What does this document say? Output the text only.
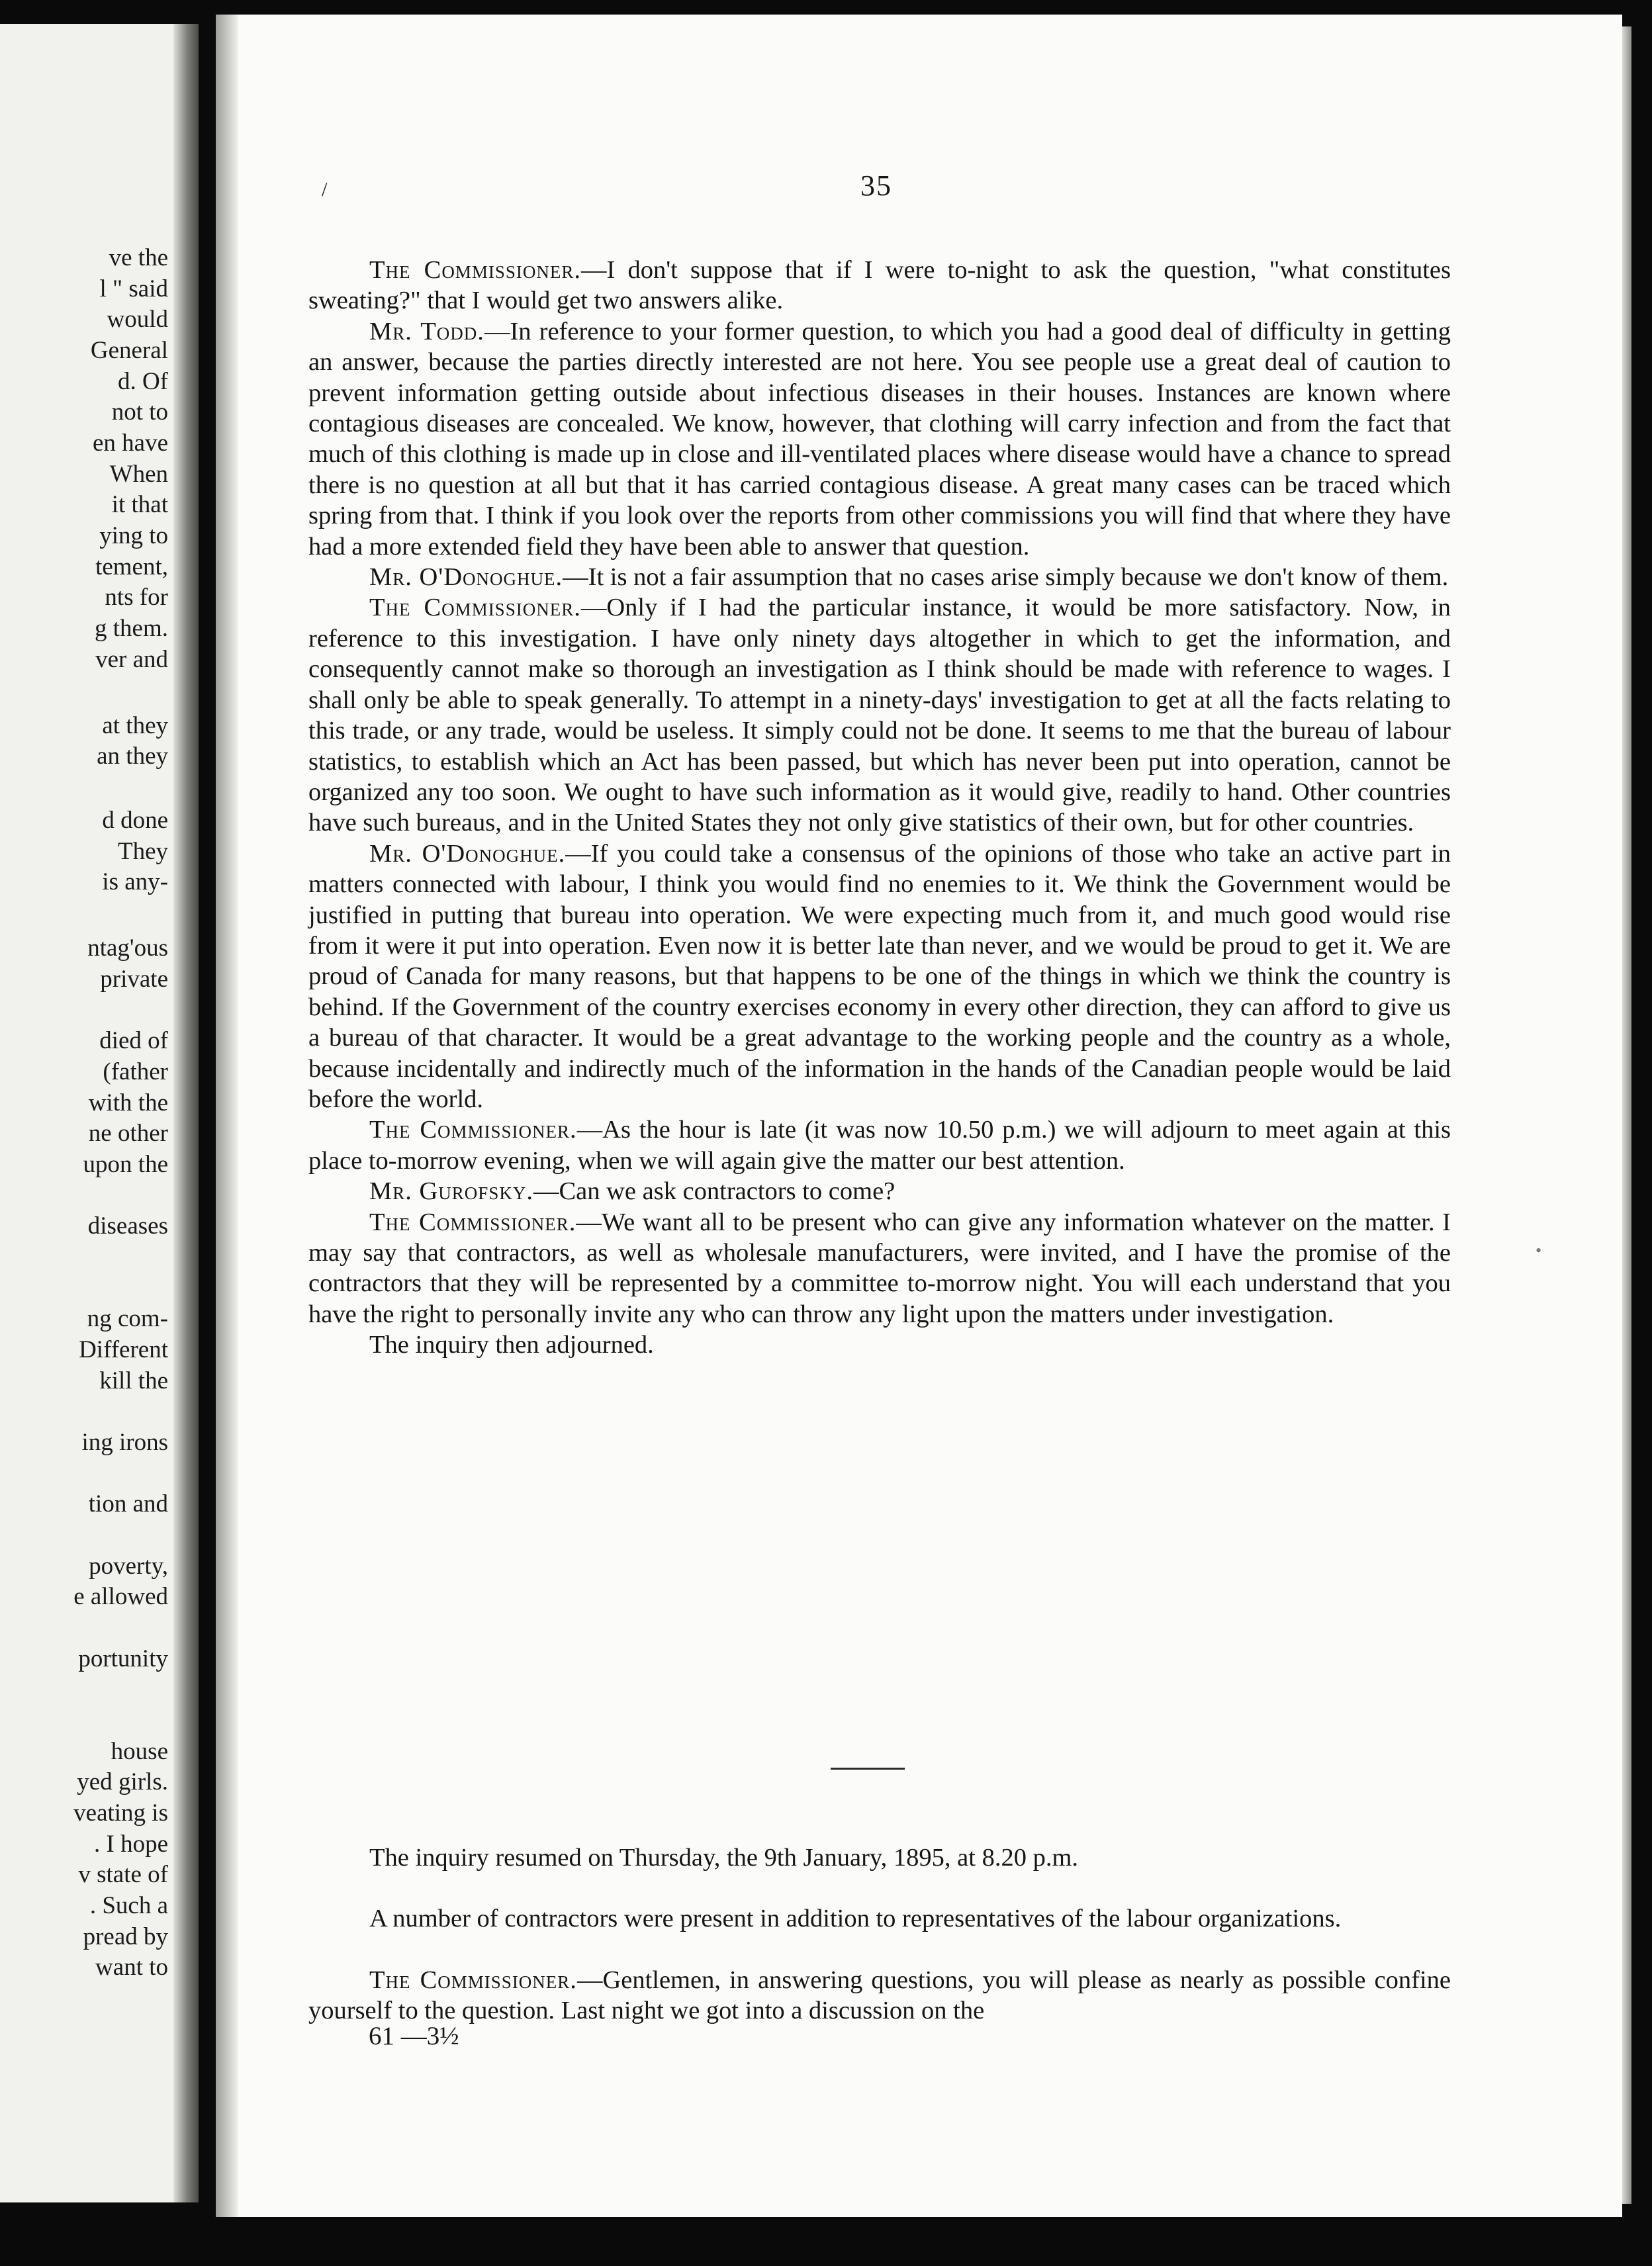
ve the
l " said
would
General
d. Of
not to
en have
When
it that
ying to
tement,
nts for
g them.
ver and
at they
an they
d done
They
is any-
ntag'ous
private
died of
(father
with the
ne other
upon the
diseases
ng com-
Different
kill the
ing irons
tion and
poverty,
e allowed
portunity
house
yed girls.
veating is
. I hope
v state of
. Such a
pread by
want to
/	35
•

The Commissioner.—I don't suppose that if I were to-night to ask the question, "what constitutes sweating?" that I would get two answers alike.

Mr. Todd.—In reference to your former question, to which you had a good deal of difficulty in getting an answer, because the parties directly interested are not here. You see people use a great deal of caution to prevent information getting outside about infectious diseases in their houses. Instances are known where contagious diseases are concealed. We know, however, that clothing will carry infection and from the fact that much of this clothing is made up in close and ill-ventilated places where disease would have a chance to spread there is no question at all but that it has carried contagious disease. A great many cases can be traced which spring from that. I think if you look over the reports from other commissions you will find that where they have had a more extended field they have been able to answer that question.

Mr. O'Donoghue.—It is not a fair assumption that no cases arise simply because we don't know of them.

The Commissioner.—Only if I had the particular instance, it would be more satisfactory. Now, in reference to this investigation. I have only ninety days altogether in which to get the information, and consequently cannot make so thorough an investigation as I think should be made with reference to wages. I shall only be able to speak generally. To attempt in a ninety-days' investigation to get at all the facts relating to this trade, or any trade, would be useless. It simply could not be done. It seems to me that the bureau of labour statistics, to establish which an Act has been passed, but which has never been put into operation, cannot be organized any too soon. We ought to have such information as it would give, readily to hand. Other countries have such bureaus, and in the United States they not only give statistics of their own, but for other countries.

Mr. O'Donoghue.—If you could take a consensus of the opinions of those who take an active part in matters connected with labour, I think you would find no enemies to it. We think the Government would be justified in putting that bureau into operation. We were expecting much from it, and much good would rise from it were it put into operation. Even now it is better late than never, and we would be proud to get it. We are proud of Canada for many reasons, but that happens to be one of the things in which we think the country is behind. If the Government of the country exercises economy in every other direction, they can afford to give us a bureau of that character. It would be a great advantage to the working people and the country as a whole, because incidentally and indirectly much of the information in the hands of the Canadian people would be laid before the world.

The Commissioner.—As the hour is late (it was now 10.50 p.m.) we will adjourn to meet again at this place to-morrow evening, when we will again give the matter our best attention.

Mr. Gurofsky.—Can we ask contractors to come?

The Commissioner.—We want all to be present who can give any information whatever on the matter. I may say that contractors, as well as wholesale manufacturers, were invited, and I have the promise of the contractors that they will be represented by a committee to-morrow night. You will each understand that you have the right to personally invite any who can throw any light upon the matters under investigation.

The inquiry then adjourned.

The inquiry resumed on Thursday, the 9th January, 1895, at 8.20 p.m.

A number of contractors were present in addition to representatives of the labour organizations.

The Commissioner.—Gentlemen, in answering questions, you will please as nearly as possible confine yourself to the question. Last night we got into a discussion on the

61 —3½
